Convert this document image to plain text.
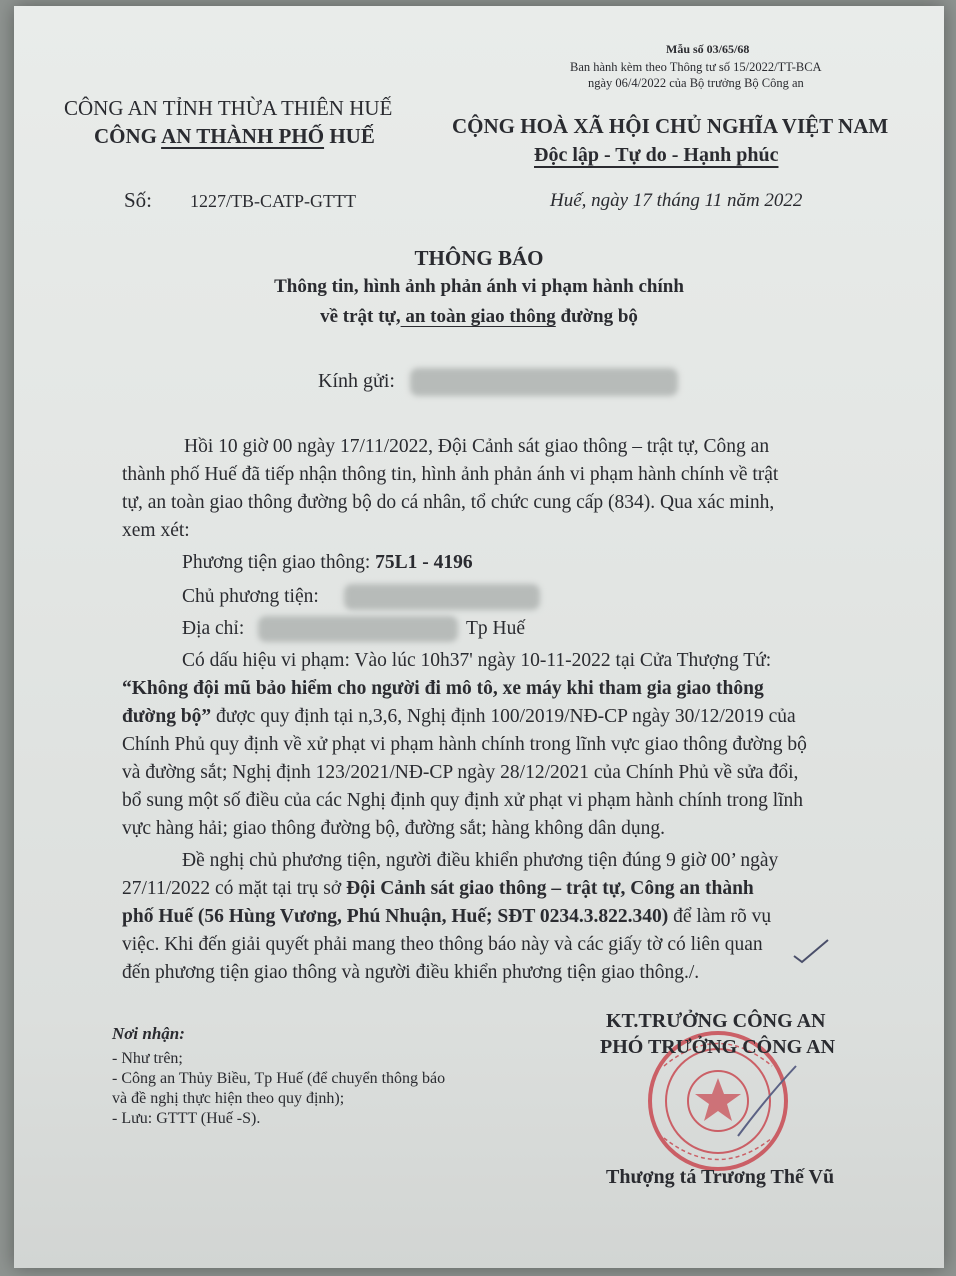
Mẫu số 03/65/68
Ban hành kèm theo Thông tư số 15/2022/TT-BCA
ngày 06/4/2022 của Bộ trưởng Bộ Công an
CÔNG AN TỈNH THỪA THIÊN HUẾ
CÔNG AN THÀNH PHỐ HUẾ	CỘNG HOÀ XÃ HỘI CHỦ NGHĨA VIỆT NAM
Độc lập - Tự do - Hạnh phúc
Số: 1227/TB-CATP-GTTT	Huế, ngày 17 tháng 11 năm 2022
THÔNG BÁO
Thông tin, hình ảnh phản ánh vi phạm hành chính
về trật tự, an toàn giao thông đường bộ
Kính gửi:
Hồi 10 giờ 00 ngày 17/11/2022, Đội Cảnh sát giao thông – trật tự, Công an
thành phố Huế đã tiếp nhận thông tin, hình ảnh phản ánh vi phạm hành chính về trật
tự, an toàn giao thông đường bộ do cá nhân, tổ chức cung cấp (834). Qua xác minh,
xem xét:
Phương tiện giao thông: 75L1 - 4196
Chủ phương tiện:
Địa chỉ:	Tp Huế
Có dấu hiệu vi phạm: Vào lúc 10h37' ngày 10-11-2022 tại Cửa Thượng Tứ:
“Không đội mũ bảo hiểm cho người đi mô tô, xe máy khi tham gia giao thông
đường bộ” được quy định tại n,3,6, Nghị định 100/2019/NĐ-CP ngày 30/12/2019 của
Chính Phủ quy định về xử phạt vi phạm hành chính trong lĩnh vực giao thông đường bộ
và đường sắt; Nghị định 123/2021/NĐ-CP ngày 28/12/2021 của Chính Phủ về sửa đổi,
bổ sung một số điều của các Nghị định quy định xử phạt vi phạm hành chính trong lĩnh
vực hàng hải; giao thông đường bộ, đường sắt; hàng không dân dụng.
Đề nghị chủ phương tiện, người điều khiển phương tiện đúng 9 giờ 00’ ngày
27/11/2022 có mặt tại trụ sở Đội Cảnh sát giao thông – trật tự, Công an thành
phố Huế (56 Hùng Vương, Phú Nhuận, Huế; SĐT 0234.3.822.340) để làm rõ vụ
việc. Khi đến giải quyết phải mang theo thông báo này và các giấy tờ có liên quan
đến phương tiện giao thông và người điều khiển phương tiện giao thông./.
Nơi nhận:
- Như trên;
- Công an Thủy Biều, Tp Huế (để chuyển thông báo
và đề nghị thực hiện theo quy định);
- Lưu: GTTT (Huế -S).
KT.TRƯỞNG CÔNG AN
PHÓ TRƯỞNG CÔNG AN
Thượng tá Trương Thế Vũ
